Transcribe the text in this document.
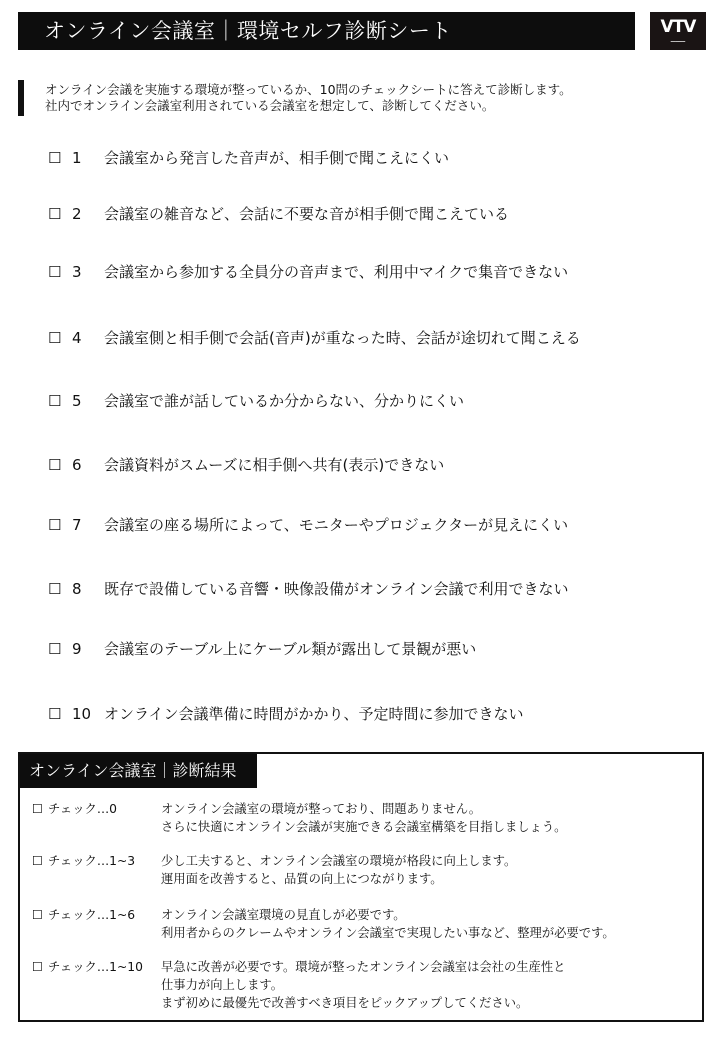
オンライン会議室｜環境セルフ診断シート	VTV
━━━━━━
オンライン会議を実施する環境が整っているか、10問のチェックシートに答えて診断します。
社内でオンライン会議室利用されている会議室を想定して、診断してください。
☐ 1 会議室から発言した音声が、相手側で聞こえにくい
☐ 2 会議室の雑音など、会話に不要な音が相手側で聞こえている
☐ 3 会議室から参加する全員分の音声まで、利用中マイクで集音できない
☐ 4 会議室側と相手側で会話(音声)が重なった時、会話が途切れて聞こえる
☐ 5 会議室で誰が話しているか分からない、分かりにくい
☐ 6 会議資料がスムーズに相手側へ共有(表示)できない
☐ 7 会議室の座る場所によって、モニターやプロジェクターが見えにくい
☐ 8 既存で設備している音響・映像設備がオンライン会議で利用できない
☐ 9 会議室のテーブル上にケーブル類が露出して景観が悪い
☐ 10 オンライン会議準備に時間がかかり、予定時間に参加できない
オンライン会議室｜診断結果
☐ チェック…0	オンライン会議室の環境が整っており、問題ありません。
さらに快適にオンライン会議が実施できる会議室構築を目指しましょう。
☐ チェック…1~3 少し工夫すると、オンライン会議室の環境が格段に向上します。
運用面を改善すると、品質の向上につながります。
☐ チェック…1~6 オンライン会議室環境の見直しが必要です。
利用者からのクレームやオンライン会議室で実現したい事など、整理が必要です。
☐ チェック…1~10 早急に改善が必要です。環境が整ったオンライン会議室は会社の生産性と
仕事力が向上します。
まず初めに最優先で改善すべき項目をピックアップしてください。
